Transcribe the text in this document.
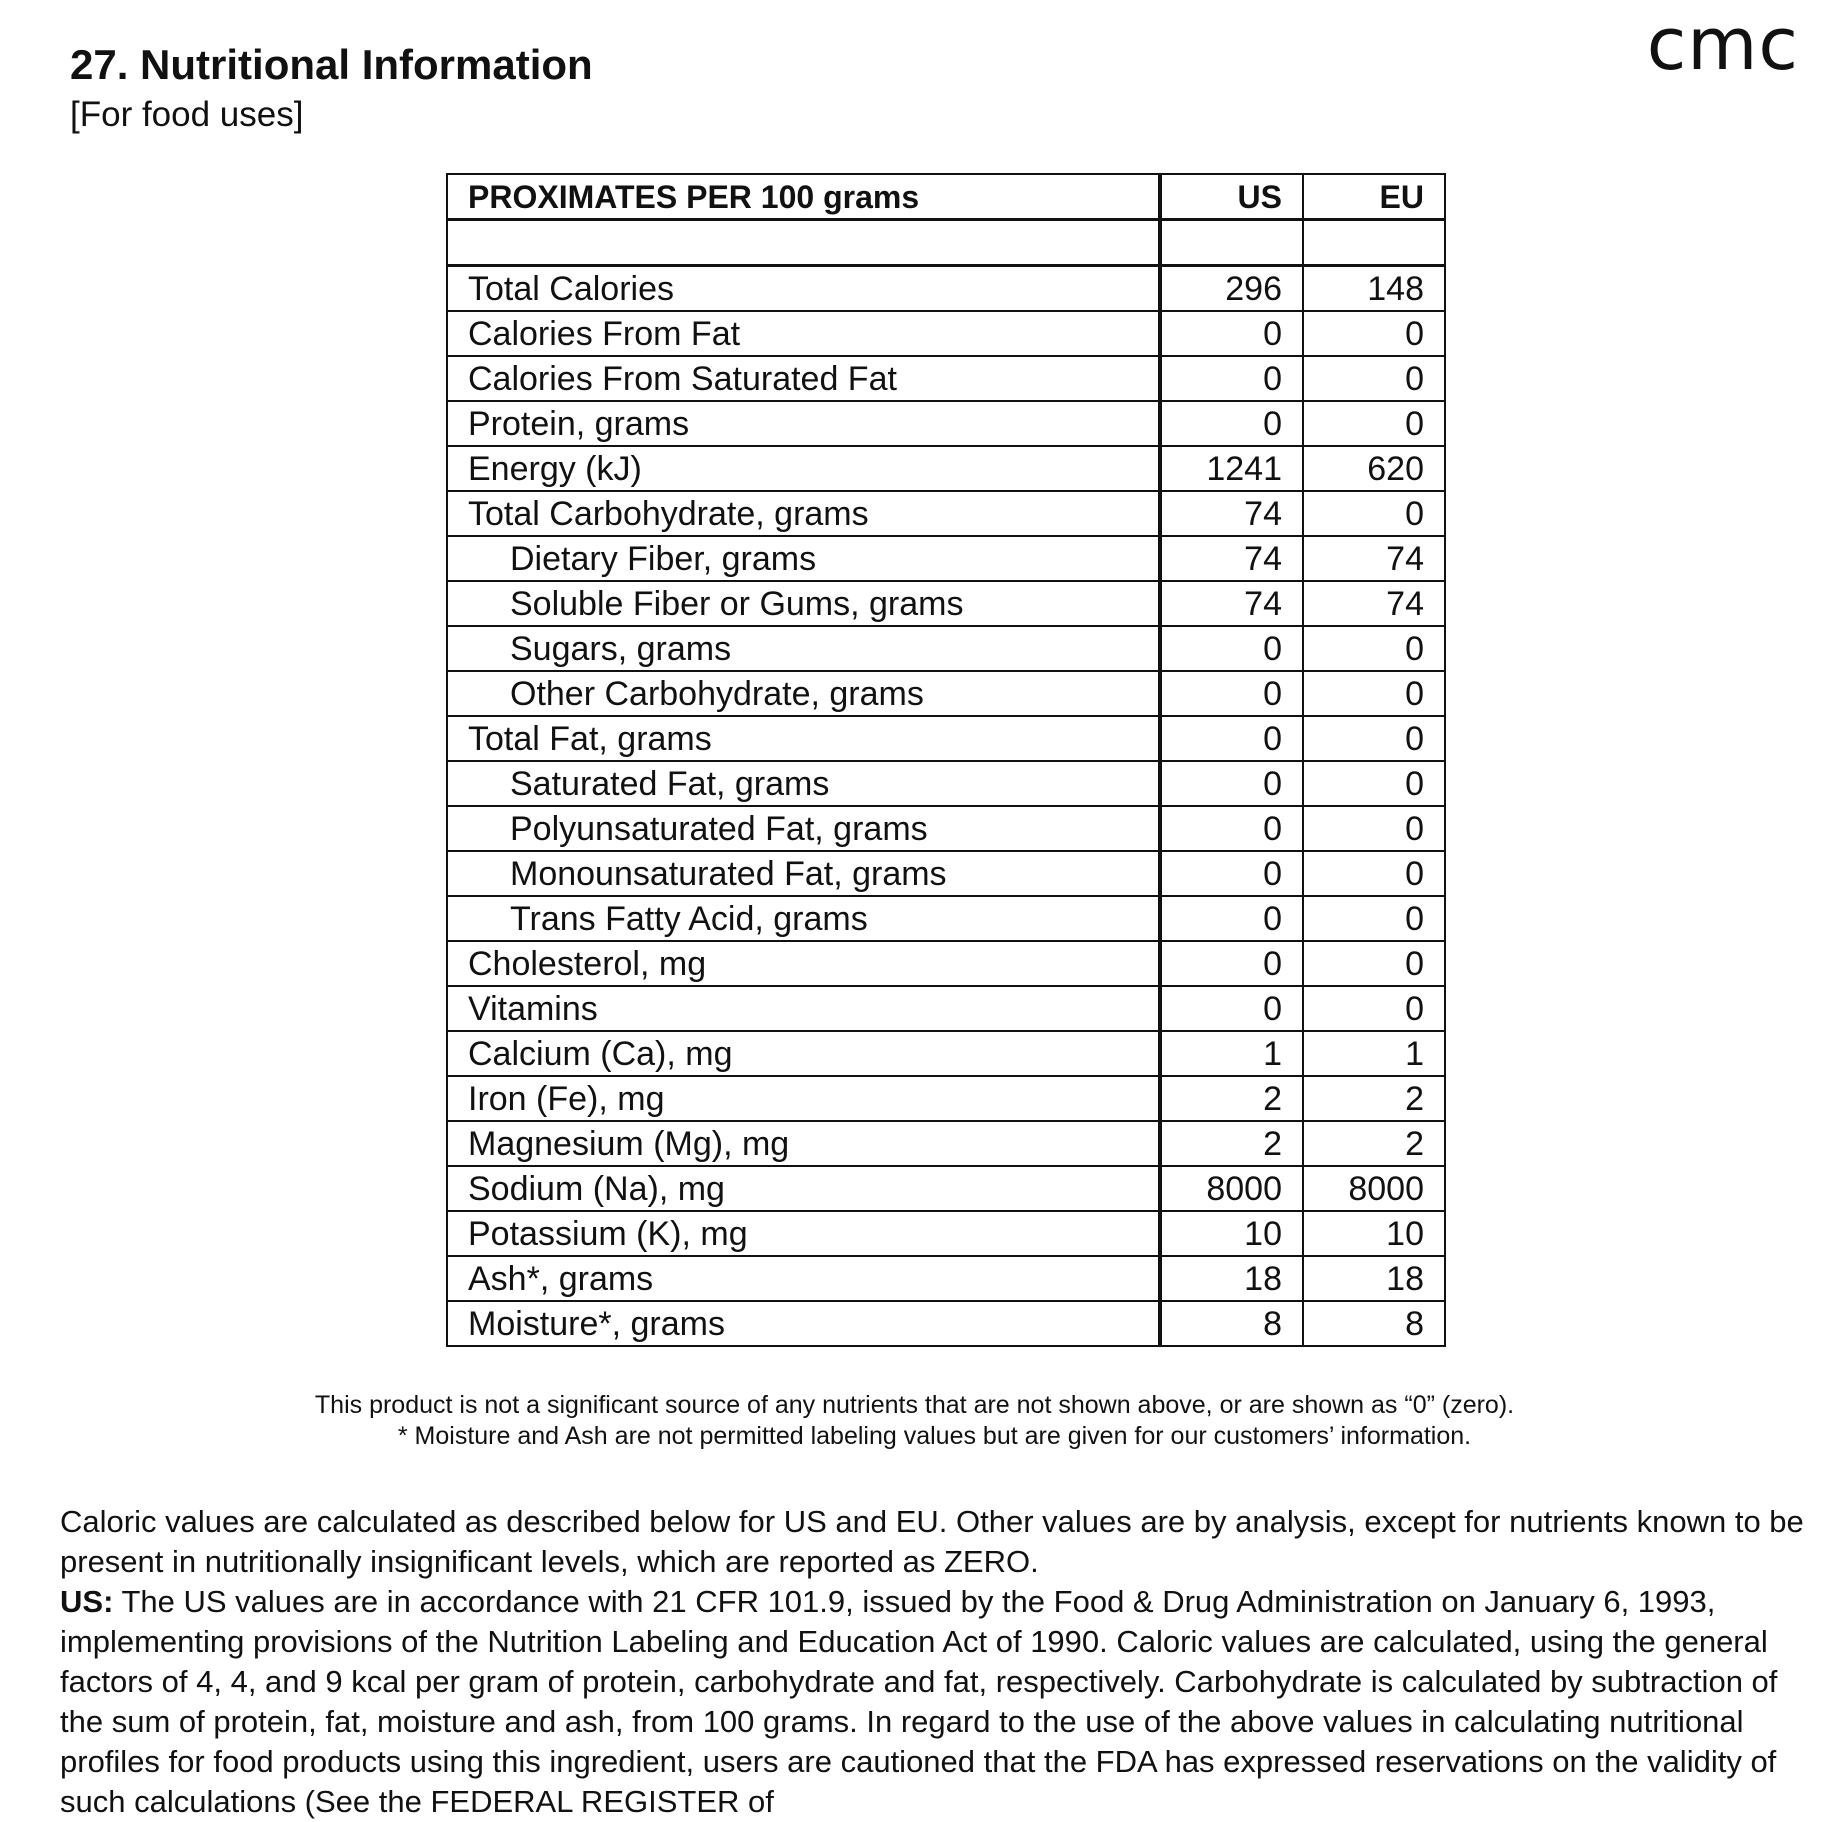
cmc
27. Nutritional Information
[For food uses]
PROXIMATES PER 100 grams	US	EU

Total Calories	296	148
Calories From Fat	0	0
Calories From Saturated Fat	0	0
Protein, grams	0	0
Energy (kJ)	1241	620
Total Carbohydrate, grams	74	0
Dietary Fiber, grams	74	74
Soluble Fiber or Gums, grams	74	74
Sugars, grams	0	0
Other Carbohydrate, grams	0	0
Total Fat, grams	0	0
Saturated Fat, grams	0	0
Polyunsaturated Fat, grams	0	0
Monounsaturated Fat, grams	0	0
Trans Fatty Acid, grams	0	0
Cholesterol, mg	0	0
Vitamins	0	0
Calcium (Ca), mg	1	1
Iron (Fe), mg	2	2
Magnesium (Mg), mg	2	2
Sodium (Na), mg	8000	8000
Potassium (K), mg	10	10
Ash*, grams	18	18
Moisture*, grams	8	8

This product is not a significant source of any nutrients that are not shown above, or are shown as “0” (zero).

* Moisture and Ash are not permitted labeling values but are given for our customers’ information.

Caloric values are calculated as described below for US and EU. Other values are by analysis, except for nutrients known to be present in nutritionally insignificant levels, which are reported as ZERO.

US: The US values are in accordance with 21 CFR 101.9, issued by the Food & Drug Administration on January 6, 1993, implementing provisions of the Nutrition Labeling and Education Act of 1990. Caloric values are calculated, using the general factors of 4, 4, and 9 kcal per gram of protein, carbohydrate and fat, respectively. Carbohydrate is calculated by subtraction of the sum of protein, fat, moisture and ash, from 100 grams. In regard to the use of the above values in calculating nutritional profiles for food products using this ingredient, users are cautioned that the FDA has expressed reservations on the validity of such calculations (See the FEDERAL REGISTER of
